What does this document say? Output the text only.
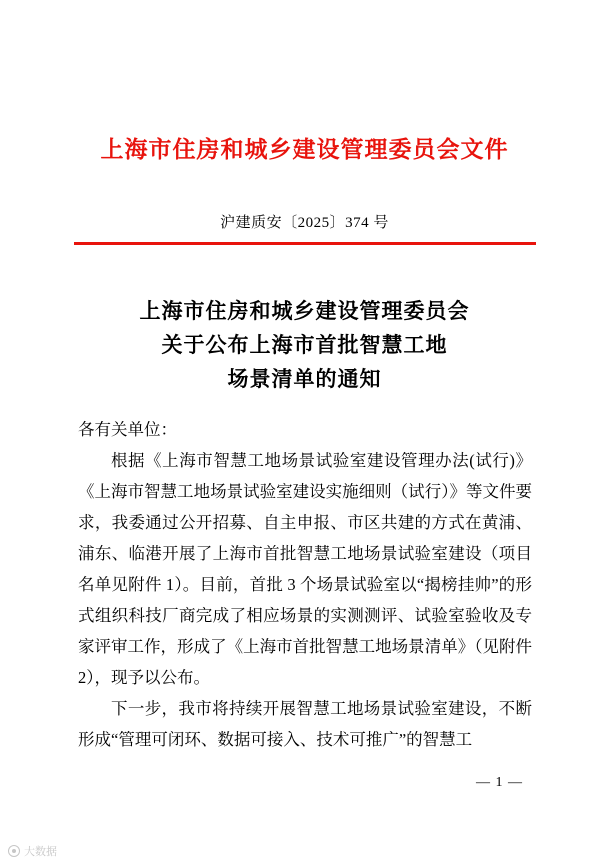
上海市住房和城乡建设管理委员会文件
沪建质安〔2025〕374 号
上海市住房和城乡建设管理委员会
关于公布上海市首批智慧工地
场景清单的通知

各有关单位：

根据《上海市智慧工地场景试验室建设管理办法(试行)》《上海市智慧工地场景试验室建设实施细则（试行）》等文件要求，我委通过公开招募、自主申报、市区共建的方式在黄浦、浦东、临港开展了上海市首批智慧工地场景试验室建设（项目名单见附件 1）。目前，首批 3 个场景试验室以“揭榜挂帅”的形式组织科技厂商完成了相应场景的实测测评、试验室验收及专家评审工作，形成了《上海市首批智慧工地场景清单》（见附件 2），现予以公布。

下一步，我市将持续开展智慧工地场景试验室建设，不断形成“管理可闭环、数据可接入、技术可推广”的智慧工

— 1 —
大数据
